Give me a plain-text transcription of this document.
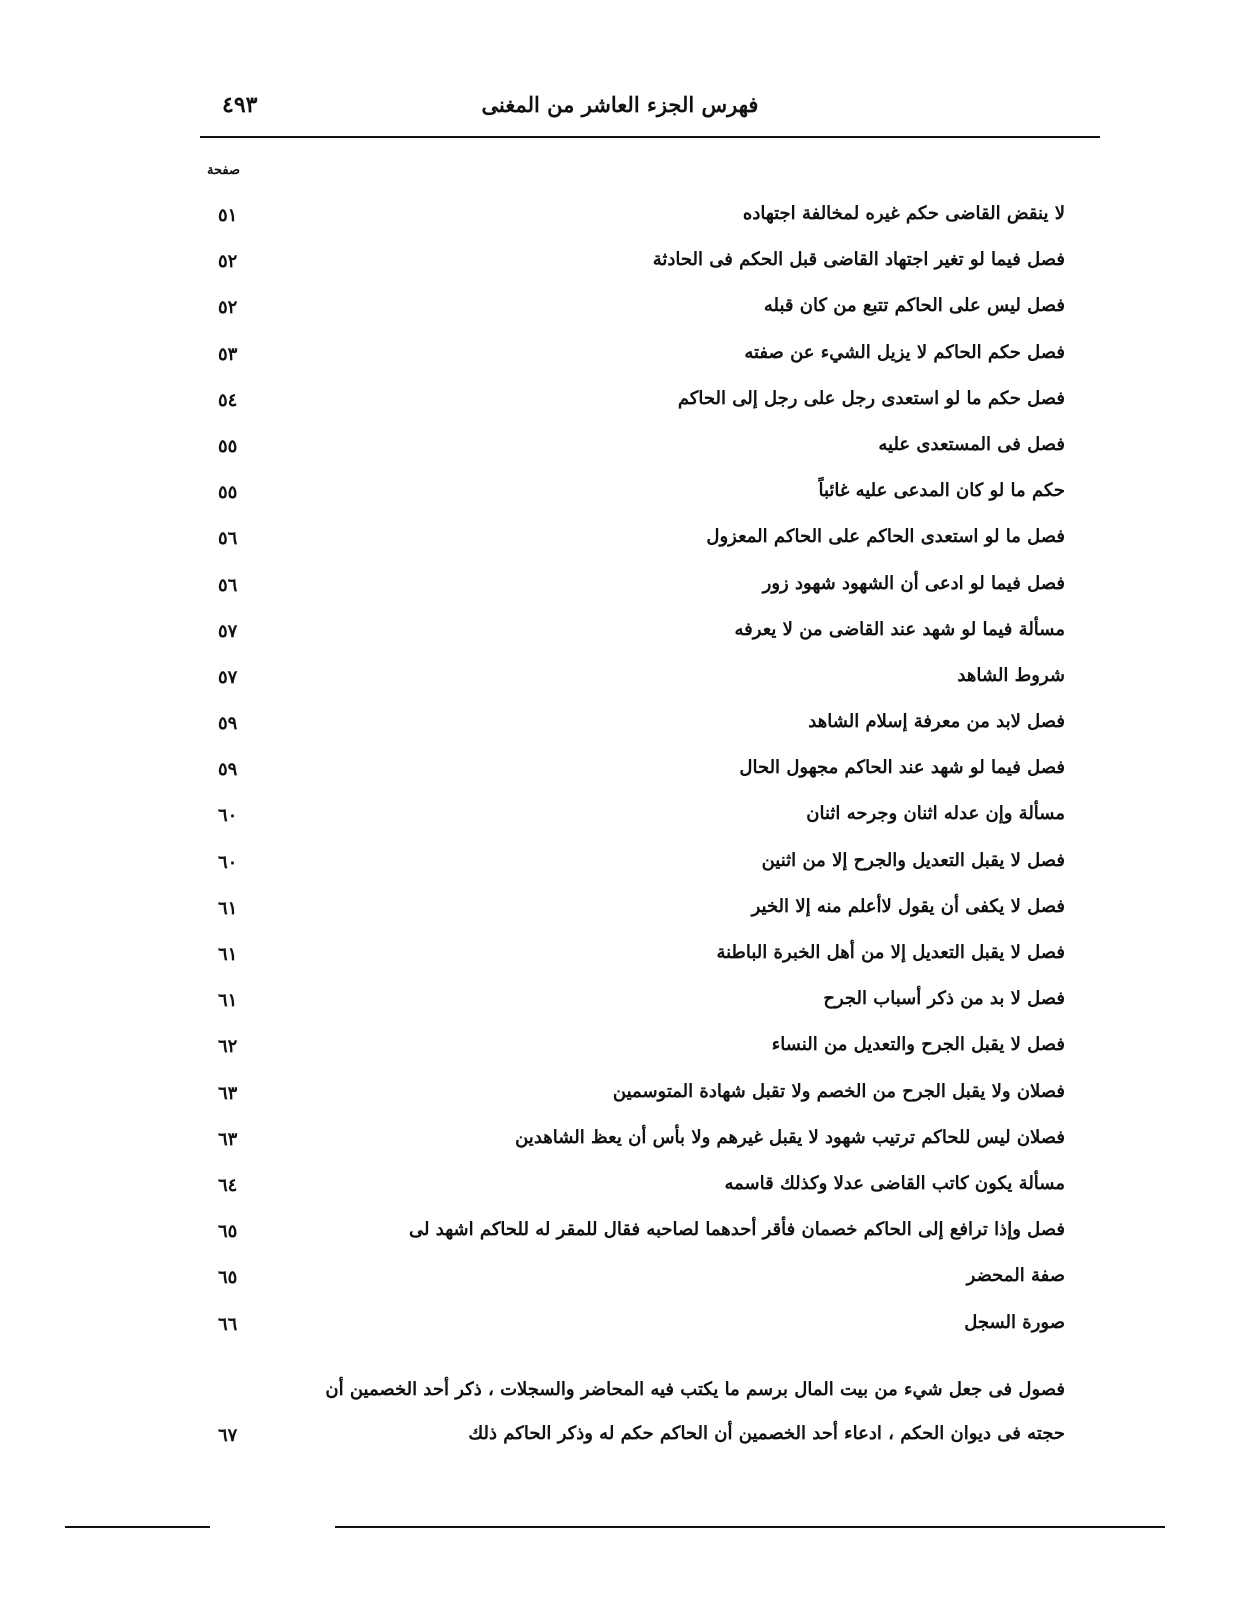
٤٩٣	فهرس الجزء العاشر من المغنى
صفحة
لا ينقض القاضى حكم غيره لمخالفة اجتهاده
٥١
فصل فيما لو تغير اجتهاد القاضى قبل الحكم فى الحادثة
٥٢
فصل ليس على الحاكم تتبع من كان قبله
٥٢
فصل حكم الحاكم لا يزيل الشيء عن صفته
٥٣
فصل حكم ما لو استعدى رجل على رجل إلى الحاكم
٥٤
فصل فى المستعدى عليه
٥٥
حكم ما لو كان المدعى عليه غائباً
٥٥
فصل ما لو استعدى الحاكم على الحاكم المعزول
٥٦
فصل فيما لو ادعى أن الشهود شهود زور
٥٦
مسألة فيما لو شهد عند القاضى من لا يعرفه
٥٧
شروط الشاهد
٥٧
فصل لابد من معرفة إسلام الشاهد
٥٩
فصل فيما لو شهد عند الحاكم مجهول الحال
٥٩
مسألة وإن عدله اثنان وجرحه اثنان
٦٠
فصل لا يقبل التعديل والجرح إلا من اثنين
٦٠
فصل لا يكفى أن يقول لاأعلم منه إلا الخير
٦١
فصل لا يقبل التعديل إلا من أهل الخبرة الباطنة
٦١
فصل لا بد من ذكر أسباب الجرح
٦١
فصل لا يقبل الجرح والتعديل من النساء
٦٢
فصلان ولا يقبل الجرح من الخصم ولا تقبل شهادة المتوسمين
٦٣
فصلان ليس للحاكم ترتيب شهود لا يقبل غيرهم ولا بأس أن يعظ الشاهدين
٦٣
مسألة يكون كاتب القاضى عدلا وكذلك قاسمه
٦٤
فصل وإذا ترافع إلى الحاكم خصمان فأقر أحدهما لصاحبه فقال للمقر له للحاكم اشهد لى
٦٥
صفة المحضر
٦٥
صورة السجل
٦٦
فصول فى جعل شيء من بيت المال برسم ما يكتب فيه المحاضر والسجلات ، ذكر أحد الخصمين أن
حجته فى ديوان الحكم ، ادعاء أحد الخصمين أن الحاكم حكم له وذكر الحاكم ذلك
٦٧
